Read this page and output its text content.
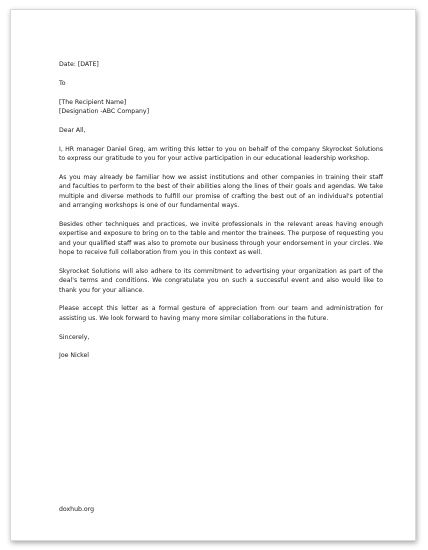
Date: [DATE]
To
[The Recipient Name]
[Designation -ABC Company]
Dear All,

I, HR manager Daniel Greg, am writing this letter to you on behalf of the company Skyrocket Solutions to express our gratitude to you for your active participation in our educational leadership workshop.

As you may already be familiar how we assist institutions and other companies in training their staff and faculties to perform to the best of their abilities along the lines of their goals and agendas. We take multiple and diverse methods to fulfill our promise of crafting the best out of an individual's potential and arranging workshops is one of our fundamental ways.

Besides other techniques and practices, we invite professionals in the relevant areas having enough expertise and exposure to bring on to the table and mentor the trainees. The purpose of requesting you and your qualified staff was also to promote our business through your endorsement in your circles. We hope to receive full collaboration from you in this context as well.

Skyrocket Solutions will also adhere to its commitment to advertising your organization as part of the deal's terms and conditions. We congratulate you on such a successful event and also would like to thank you for your alliance.

Please accept this letter as a formal gesture of appreciation from our team and administration for assisting us. We look forward to having many more similar collaborations in the future.

Sincerely,
Joe Nickel
doxhub.org
